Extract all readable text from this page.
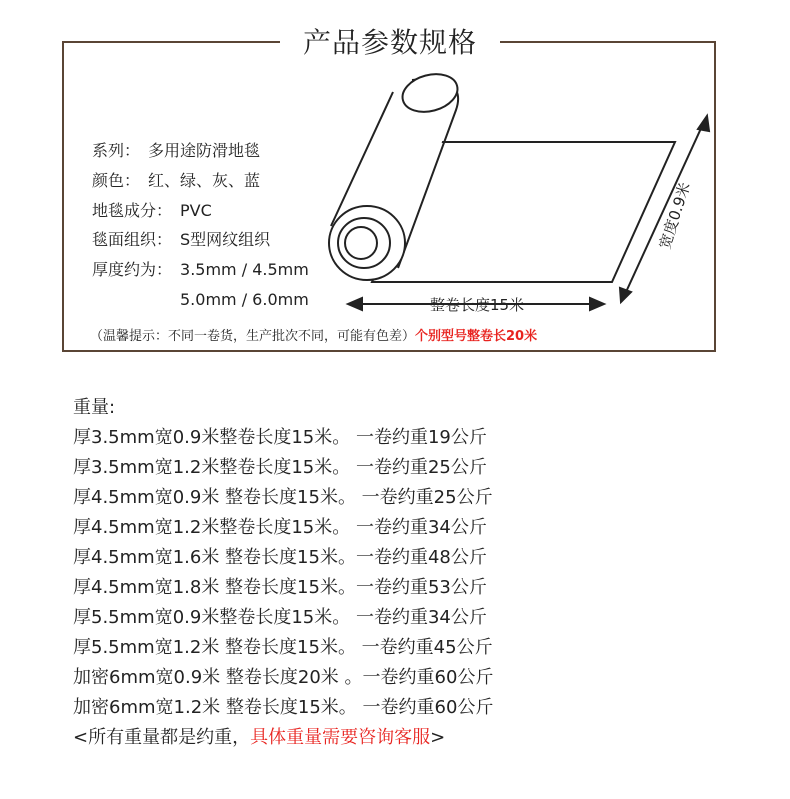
产品参数规格
系列： 多用途防滑地毯
颜色： 红、绿、灰、蓝
地毯成分： PVC
毯面组织： S型网纹组织
厚度约为： 3.5mm / 4.5mm
5.0mm / 6.0mm	整卷长度15米
宽度0.9米
（温馨提示：不同一卷货，生产批次不同，可能有色差）个别型号整卷长20米
重量:
厚3.5mm宽0.9米整卷长度15米。 一卷约重19公斤
厚3.5mm宽1.2米整卷长度15米。 一卷约重25公斤
厚4.5mm宽0.9米 整卷长度15米。 一卷约重25公斤
厚4.5mm宽1.2米整卷长度15米。 一卷约重34公斤
厚4.5mm宽1.6米 整卷长度15米。一卷约重48公斤
厚4.5mm宽1.8米 整卷长度15米。一卷约重53公斤
厚5.5mm宽0.9米整卷长度15米。 一卷约重34公斤
厚5.5mm宽1.2米 整卷长度15米。 一卷约重45公斤
加密6mm宽0.9米 整卷长度20米 。一卷约重60公斤
加密6mm宽1.2米 整卷长度15米。 一卷约重60公斤
<所有重量都是约重，具体重量需要咨询客服>
